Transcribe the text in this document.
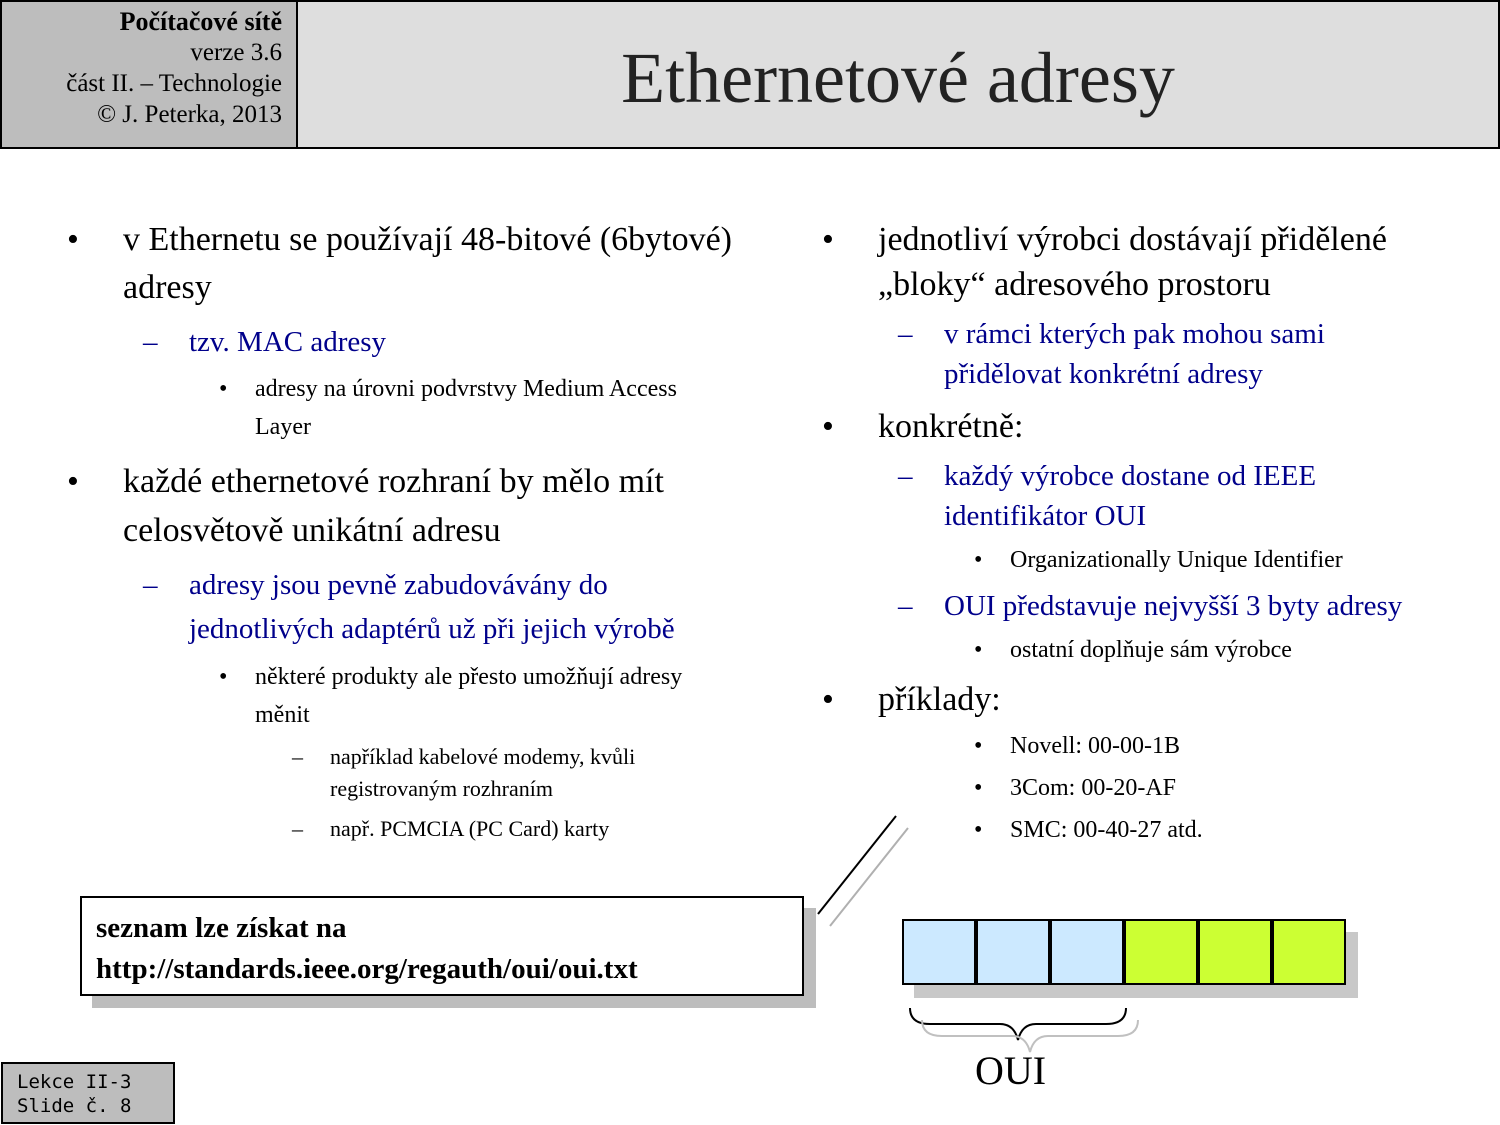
Počítačové sítě
verze 3.6
část II. – Technologie
© J. Peterka, 2013	Ethernetové adresy
• v Ethernetu se používají 48-bitové (6bytové)
adresy
– tzv. MAC adresy
• adresy na úrovni podvrstvy Medium Access
Layer
• každé ethernetové rozhraní by mělo mít
celosvětově unikátní adresu
– adresy jsou pevně zabudovávány do
jednotlivých adaptérů už při jejich výrobě
• některé produkty ale přesto umožňují adresy
měnit
– například kabelové modemy, kvůli
registrovaným rozhraním
– např. PCMCIA (PC Card) karty
• jednotliví výrobci dostávají přidělené
„bloky“ adresového prostoru
– v rámci kterých pak mohou sami
přidělovat konkrétní adresy
• konkrétně:
– každý výrobce dostane od IEEE
identifikátor OUI
• Organizationally Unique Identifier
– OUI představuje nejvyšší 3 byty adresy
• ostatní doplňuje sám výrobce
• příklady:
• Novell: 00-00-1B
• 3Com: 00-20-AF
• SMC: 00-40-27 atd.
seznam lze získat na
http://standards.ieee.org/regauth/oui/oui.txt
OUI
Lekce II-3
Slide č. 8
